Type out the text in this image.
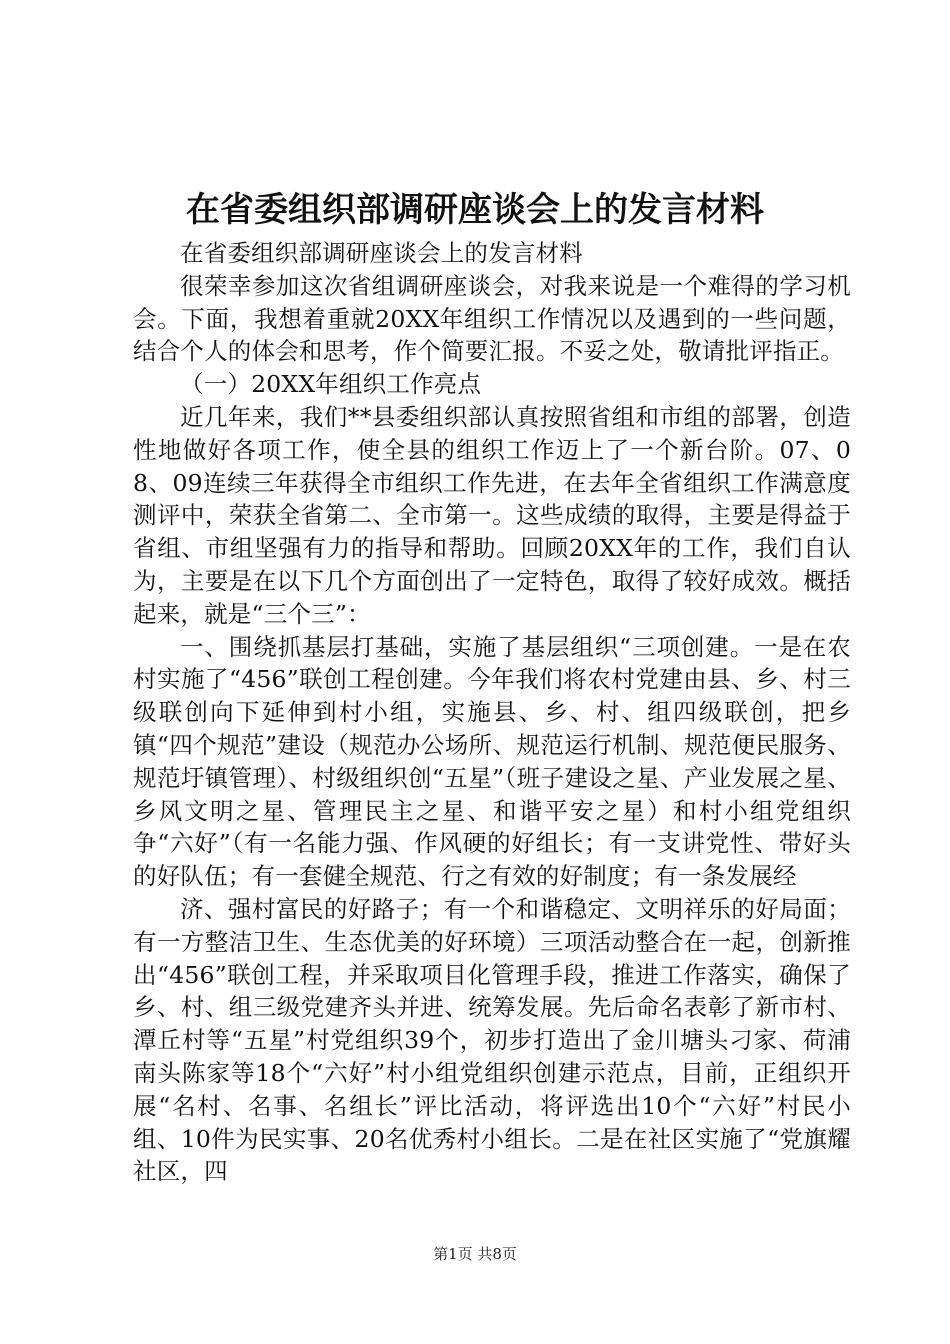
在省委组织部调研座谈会上的发言材料

在省委组织部调研座谈会上的发言材料

很荣幸参加这次省组调研座谈会，对我来说是一个难得的学习机会。下面，我想着重就20XX年组织工作情况以及遇到的一些问题，结合个人的体会和思考，作个简要汇报。不妥之处，敬请批评指正。

（一）20XX年组织工作亮点

近几年来，我们**县委组织部认真按照省组和市组的部署，创造性地做好各项工作，使全县的组织工作迈上了一个新台阶。07、08、09连续三年获得全市组织工作先进，在去年全省组织工作满意度测评中，荣获全省第二、全市第一。这些成绩的取得，主要是得益于省组、市组坚强有力的指导和帮助。回顾20XX年的工作，我们自认为，主要是在以下几个方面创出了一定特色，取得了较好成效。概括起来，就是“三个三”：

一、围绕抓基层打基础，实施了基层组织“三项创建。一是在农村实施了“456”联创工程创建。今年我们将农村党建由县、乡、村三级联创向下延伸到村小组，实施县、乡、村、组四级联创，把乡镇“四个规范”建设（规范办公场所、规范运行机制、规范便民服务、规范圩镇管理）、村级组织创“五星”（班子建设之星、产业发展之星、乡风文明之星、管理民主之星、和谐平安之星）和村小组党组织争“六好”（有一名能力强、作风硬的好组长；有一支讲党性、带好头的好队伍；有一套健全规范、行之有效的好制度；有一条发展经

济、强村富民的好路子；有一个和谐稳定、文明祥乐的好局面；有一方整洁卫生、生态优美的好环境）三项活动整合在一起，创新推出“456”联创工程，并采取项目化管理手段，推进工作落实，确保了乡、村、组三级党建齐头并进、统筹发展。先后命名表彰了新市村、潭丘村等“五星”村党组织39个，初步打造出了金川塘头刁家、荷浦南头陈家等18个“六好”村小组党组织创建示范点，目前，正组织开展“名村、名事、名组长”评比活动，将评选出10个“六好”村民小组、10件为民实事、20名优秀村小组长。二是在社区实施了“党旗耀社区，四

第1页 共8页
